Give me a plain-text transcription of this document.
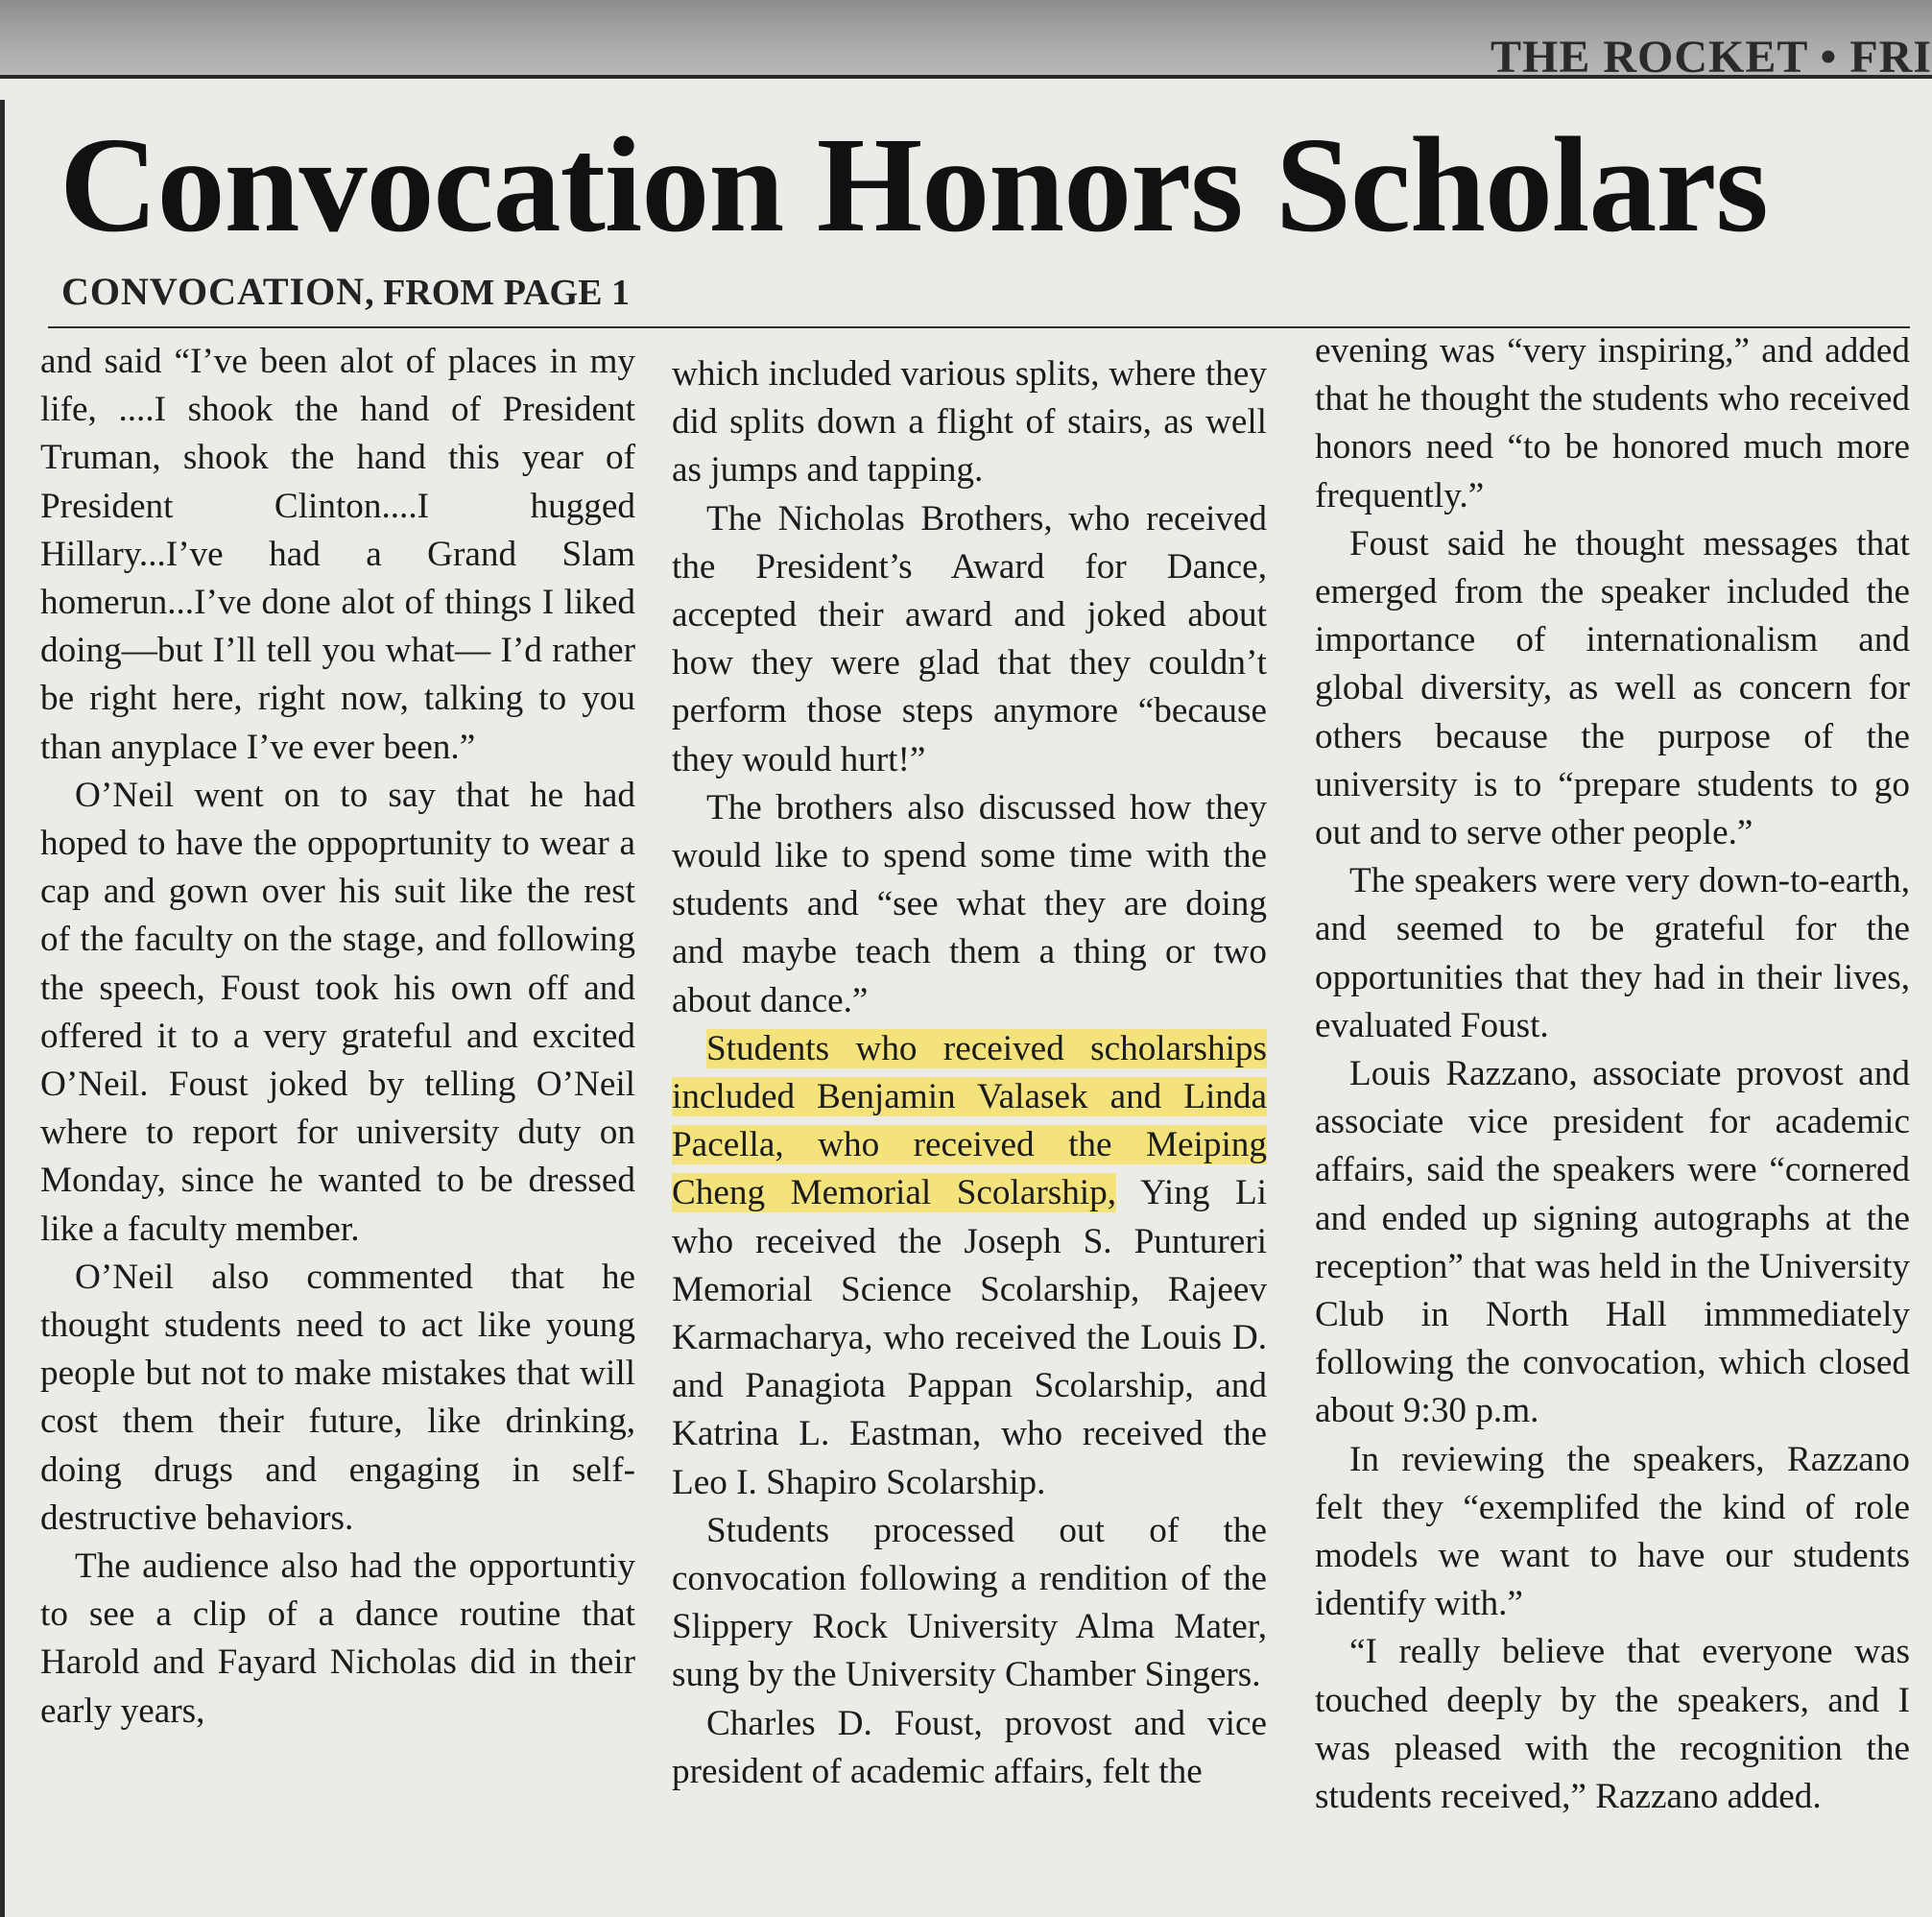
THE ROCKET • FRI
Convocation Honors Scholars
CONVOCATION, FROM PAGE 1

and said “I’ve been alot of places in my life, ....I shook the hand of President Truman, shook the hand this year of President Clinton....I hugged Hillary...I’ve had a Grand Slam homerun...I’ve done alot of things I liked doing—but I’ll tell you what— I’d rather be right here, right now, talking to you than anyplace I’ve ever been.”

O’Neil went on to say that he had hoped to have the oppoprtunity to wear a cap and gown over his suit like the rest of the faculty on the stage, and following the speech, Foust took his own off and offered it to a very grateful and excited O’Neil. Foust joked by telling O’Neil where to report for university duty on Monday, since he wanted to be dressed like a faculty member.

O’Neil also commented that he thought students need to act like young people but not to make mistakes that will cost them their future, like drinking, doing drugs and engaging in self-destructive behaviors.

The audience also had the opportuntiy to see a clip of a dance routine that Harold and Fayard Nicholas did in their early years,

which included various splits, where they did splits down a flight of stairs, as well as jumps and tapping.

The Nicholas Brothers, who received the President’s Award for Dance, accepted their award and joked about how they were glad that they couldn’t perform those steps anymore “because they would hurt!”

The brothers also discussed how they would like to spend some time with the students and “see what they are doing and maybe teach them a thing or two about dance.”

Students who received scholarships included Benjamin Valasek and Linda Pacella, who received the Meiping Cheng Memorial Scolarship, Ying Li who received the Joseph S. Puntureri Memorial Science Scolarship, Rajeev Karmacharya, who received the Louis D. and Panagiota Pappan Scolarship, and Katrina L. Eastman, who received the Leo I. Shapiro Scolarship.

Students processed out of the convocation following a rendition of the Slippery Rock University Alma Mater, sung by the University Chamber Singers.

Charles D. Foust, provost and vice president of academic affairs, felt the

evening was “very inspiring,” and added that he thought the students who received honors need “to be honored much more frequently.”

Foust said he thought messages that emerged from the speaker included the importance of internationalism and global diversity, as well as concern for others because the purpose of the university is to “prepare students to go out and to serve other people.”

The speakers were very down-to-earth, and seemed to be grateful for the opportunities that they had in their lives, evaluated Foust.

Louis Razzano, associate provost and associate vice president for academic affairs, said the speakers were “cornered and ended up signing autographs at the reception” that was held in the University Club in North Hall immmediately following the convocation, which closed about 9:30 p.m.

In reviewing the speakers, Razzano felt they “exemplifed the kind of role models we want to have our students identify with.”

“I really believe that everyone was touched deeply by the speakers, and I was pleased with the recognition the students received,” Razzano added.
